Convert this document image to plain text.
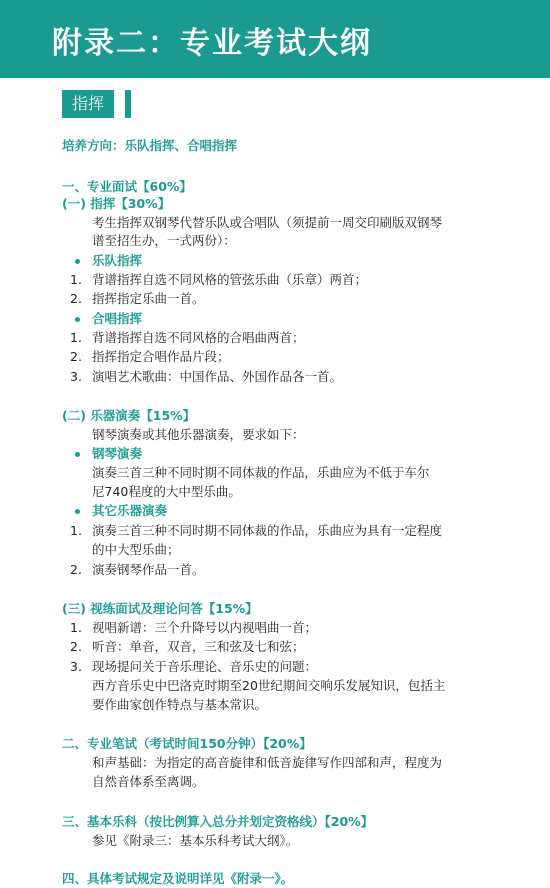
附录二：专业考试大纲
指挥
培养方向：乐队指挥、合唱指挥
一、专业面试【60%】
(一) 指挥【30%】
考生指挥双钢琴代替乐队或合唱队（须提前一周交印刷版双钢琴
谱至招生办，一式两份）：
乐队指挥
1. 背谱指挥自选不同风格的管弦乐曲（乐章）两首；
2. 指挥指定乐曲一首。
合唱指挥
1. 背谱指挥自选不同风格的合唱曲两首；
2. 指挥指定合唱作品片段；
3. 演唱艺术歌曲：中国作品、外国作品各一首。
(二) 乐器演奏【15%】
钢琴演奏或其他乐器演奏，要求如下：
钢琴演奏
演奏三首三种不同时期不同体裁的作品，乐曲应为不低于车尔
尼740程度的大中型乐曲。
其它乐器演奏
1. 演奏三首三种不同时期不同体裁的作品，乐曲应为具有一定程度
的中大型乐曲；
2. 演奏钢琴作品一首。
(三) 视练面试及理论问答【15%】
1. 视唱新谱：三个升降号以内视唱曲一首；
2. 听音：单音，双音，三和弦及七和弦；
3. 现场提问关于音乐理论、音乐史的问题：
西方音乐史中巴洛克时期至20世纪期间交响乐发展知识，包括主
要作曲家创作特点与基本常识。
二、专业笔试（考试时间150分钟）【20%】
和声基础：为指定的高音旋律和低音旋律写作四部和声，程度为
自然音体系至离调。
三、基本乐科（按比例算入总分并划定资格线）【20%】
参见《附录三：基本乐科考试大纲》。
四、具体考试规定及说明详见《附录一》。
